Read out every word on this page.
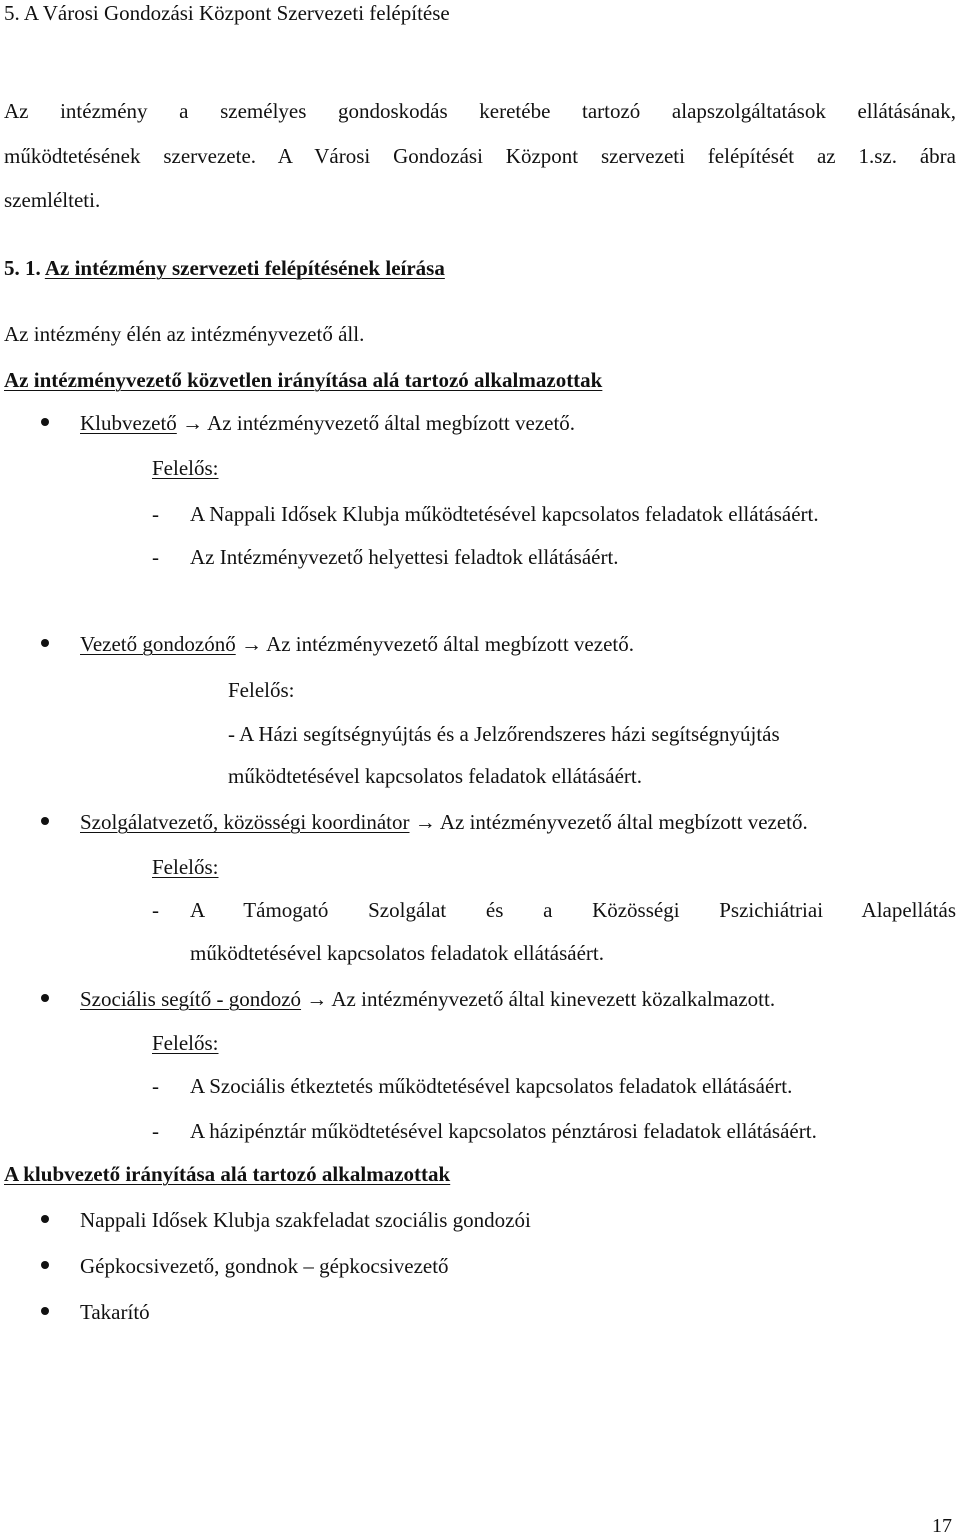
5. A Városi Gondozási Központ Szervezeti felépítése
Az intézmény a személyes gondoskodás keretébe tartozó alapszolgáltatások ellátásának,
működtetésének szervezete. A Városi Gondozási Központ szervezeti felépítését az 1.sz. ábra
szemlélteti.
5. 1. Az intézmény szervezeti felépítésének leírása
Az intézmény élén az intézményvezető áll.
Az intézményvezető közvetlen irányítása alá tartozó alkalmazottak
Klubvezető → Az intézményvezető által megbízott vezető.
Felelős:
- A Nappali Idősek Klubja működtetésével kapcsolatos feladatok ellátásáért.
- Az Intézményvezető helyettesi feladtok ellátásáért.
Vezető gondozónő → Az intézményvezető által megbízott vezető.
Felelős:
- A Házi segítségnyújtás és a Jelzőrendszeres házi segítségnyújtás
működtetésével kapcsolatos feladatok ellátásáért.
Szolgálatvezető, közösségi koordinátor → Az intézményvezető által megbízott vezető.
Felelős:
- A Támogató Szolgálat és a Közösségi Pszichiátriai Alapellátás
működtetésével kapcsolatos feladatok ellátásáért.
Szociális segítő - gondozó → Az intézményvezető által kinevezett közalkalmazott.
Felelős:
- A Szociális étkeztetés működtetésével kapcsolatos feladatok ellátásáért.
- A házipénztár működtetésével kapcsolatos pénztárosi feladatok ellátásáért.
A klubvezető irányítása alá tartozó alkalmazottak
Nappali Idősek Klubja szakfeladat szociális gondozói
Gépkocsivezető, gondnok – gépkocsivezető
Takarító
17
